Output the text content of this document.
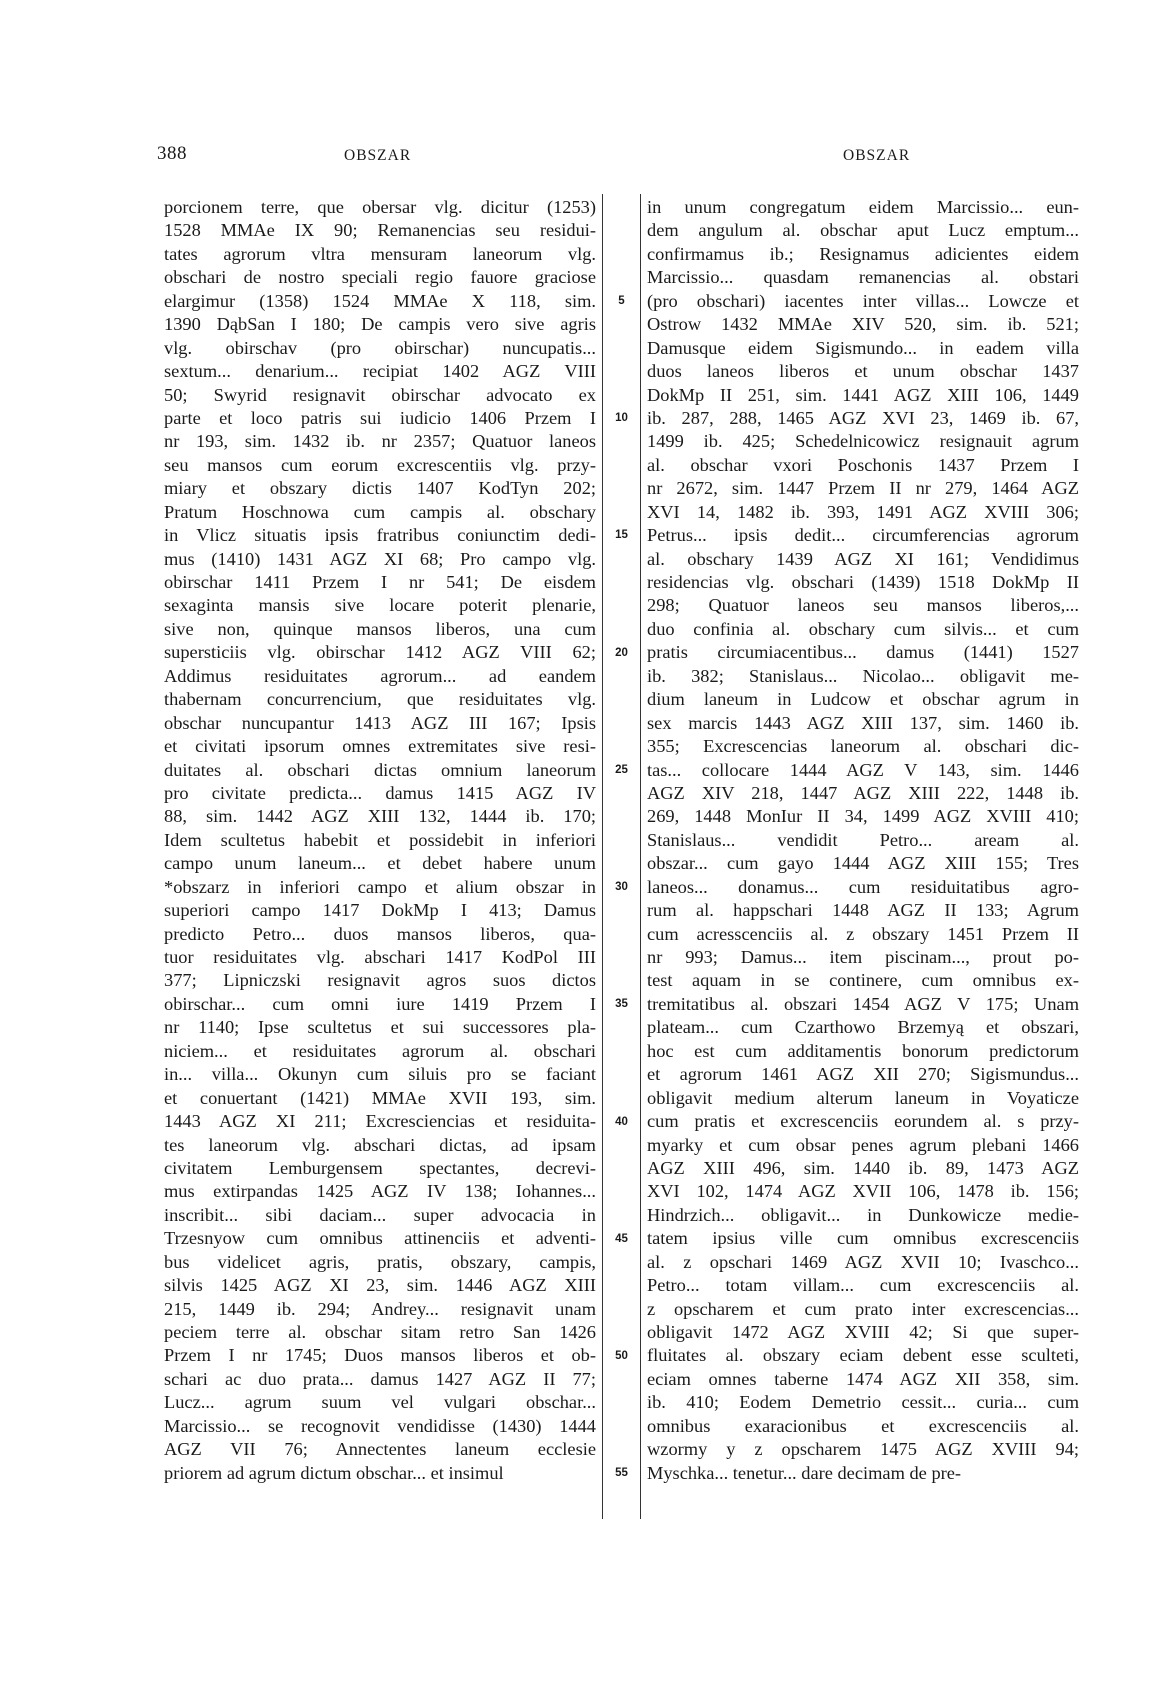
388	OBSZAR	OBSZAR
porcionem terre, que obersar vlg. dicitur (1253)
1528 MMAe IX 90; Remanencias seu residui-
tates agrorum vltra mensuram laneorum vlg.
obschari de nostro speciali regio fauore graciose
elargimur (1358) 1524 MMAe X 118, sim.
1390 DąbSan I 180; De campis vero sive agris
vlg. obirschav (pro obirschar) nuncupatis...
sextum... denarium... recipiat 1402 AGZ VIII
50; Swyrid resignavit obirschar advocato ex
parte et loco patris sui iudicio 1406 Przem I
nr 193, sim. 1432 ib. nr 2357; Quatuor laneos
seu mansos cum eorum excrescentiis vlg. przy-
miary et obszary dictis 1407 KodTyn 202;
Pratum Hoschnowa cum campis al. obschary
in Vlicz situatis ipsis fratribus coniunctim dedi-
mus (1410) 1431 AGZ XI 68; Pro campo vlg.
obirschar 1411 Przem I nr 541; De eisdem
sexaginta mansis sive locare poterit plenarie,
sive non, quinque mansos liberos, una cum
supersticiis vlg. obirschar 1412 AGZ VIII 62;
Addimus residuitates agrorum... ad eandem
thabernam concurrencium, que residuitates vlg.
obschar nuncupantur 1413 AGZ III 167; Ipsis
et civitati ipsorum omnes extremitates sive resi-
duitates al. obschari dictas omnium laneorum
pro civitate predicta... damus 1415 AGZ IV
88, sim. 1442 AGZ XIII 132, 1444 ib. 170;
Idem scultetus habebit et possidebit in inferiori
campo unum laneum... et debet habere unum
*obszarz in inferiori campo et alium obszar in
superiori campo 1417 DokMp I 413; Damus
predicto Petro... duos mansos liberos, qua-
tuor residuitates vlg. abschari 1417 KodPol III
377; Lipniczski resignavit agros suos dictos
obirschar... cum omni iure 1419 Przem I
nr 1140; Ipse scultetus et sui successores pla-
niciem... et residuitates agrorum al. obschari
in... villa... Okunyn cum siluis pro se faciant
et conuertant (1421) MMAe XVII 193, sim.
1443 AGZ XI 211; Excresciencias et residuita-
tes laneorum vlg. abschari dictas, ad ipsam
civitatem Lemburgensem spectantes, decrevi-
mus extirpandas 1425 AGZ IV 138; Iohannes...
inscribit... sibi daciam... super advocacia in
Trzesnyow cum omnibus attinenciis et adventi-
bus videlicet agris, pratis, obszary, campis,
silvis 1425 AGZ XI 23, sim. 1446 AGZ XIII
215, 1449 ib. 294; Andrey... resignavit unam
peciem terre al. obschar sitam retro San 1426
Przem I nr 1745; Duos mansos liberos et ob-
schari ac duo prata... damus 1427 AGZ II 77;
Lucz... agrum suum vel vulgari obschar...
Marcissio... se recognovit vendidisse (1430) 1444
AGZ VII 76; Annectentes laneum ecclesie
priorem ad agrum dictum obschar... et insimul
5
10
15
20
25
30
35
40
45
50
55
in unum congregatum eidem Marcissio... eun-
dem angulum al. obschar aput Lucz emptum...
confirmamus ib.; Resignamus adicientes eidem
Marcissio... quasdam remanencias al. obstari
(pro obschari) iacentes inter villas... Lowcze et
Ostrow 1432 MMAe XIV 520, sim. ib. 521;
Damusque eidem Sigismundo... in eadem villa
duos laneos liberos et unum obschar 1437
DokMp II 251, sim. 1441 AGZ XIII 106, 1449
ib. 287, 288, 1465 AGZ XVI 23, 1469 ib. 67,
1499 ib. 425; Schedelnicowicz resignauit agrum
al. obschar vxori Poschonis 1437 Przem I
nr 2672, sim. 1447 Przem II nr 279, 1464 AGZ
XVI 14, 1482 ib. 393, 1491 AGZ XVIII 306;
Petrus... ipsis dedit... circumferencias agrorum
al. obschary 1439 AGZ XI 161; Vendidimus
residencias vlg. obschari (1439) 1518 DokMp II
298; Quatuor laneos seu mansos liberos,...
duo confinia al. obschary cum silvis... et cum
pratis circumiacentibus... damus (1441) 1527
ib. 382; Stanislaus... Nicolao... obligavit me-
dium laneum in Ludcow et obschar agrum in
sex marcis 1443 AGZ XIII 137, sim. 1460 ib.
355; Excrescencias laneorum al. obschari dic-
tas... collocare 1444 AGZ V 143, sim. 1446
AGZ XIV 218, 1447 AGZ XIII 222, 1448 ib.
269, 1448 MonIur II 34, 1499 AGZ XVIII 410;
Stanislaus... vendidit Petro... aream al.
obszar... cum gayo 1444 AGZ XIII 155; Tres
laneos... donamus... cum residuitatibus agro-
rum al. happschari 1448 AGZ II 133; Agrum
cum acresscenciis al. z obszary 1451 Przem II
nr 993; Damus... item piscinam..., prout po-
test aquam in se continere, cum omnibus ex-
tremitatibus al. obszari 1454 AGZ V 175; Unam
plateam... cum Czarthowo Brzemyą et obszari,
hoc est cum additamentis bonorum predictorum
et agrorum 1461 AGZ XII 270; Sigismundus...
obligavit medium alterum laneum in Voyaticze
cum pratis et excrescenciis eorundem al. s przy-
myarky et cum obsar penes agrum plebani 1466
AGZ XIII 496, sim. 1440 ib. 89, 1473 AGZ
XVI 102, 1474 AGZ XVII 106, 1478 ib. 156;
Hindrzich... obligavit... in Dunkowicze medie-
tatem ipsius ville cum omnibus excrescenciis
al. z opschari 1469 AGZ XVII 10; Ivaschco...
Petro... totam villam... cum excrescenciis al.
z opscharem et cum prato inter excrescencias...
obligavit 1472 AGZ XVIII 42; Si que super-
fluitates al. obszary eciam debent esse sculteti,
eciam omnes taberne 1474 AGZ XII 358, sim.
ib. 410; Eodem Demetrio cessit... curia... cum
omnibus exaracionibus et excrescenciis al.
wzormy y z opscharem 1475 AGZ XVIII 94;
Myschka... tenetur... dare decimam de pre-
